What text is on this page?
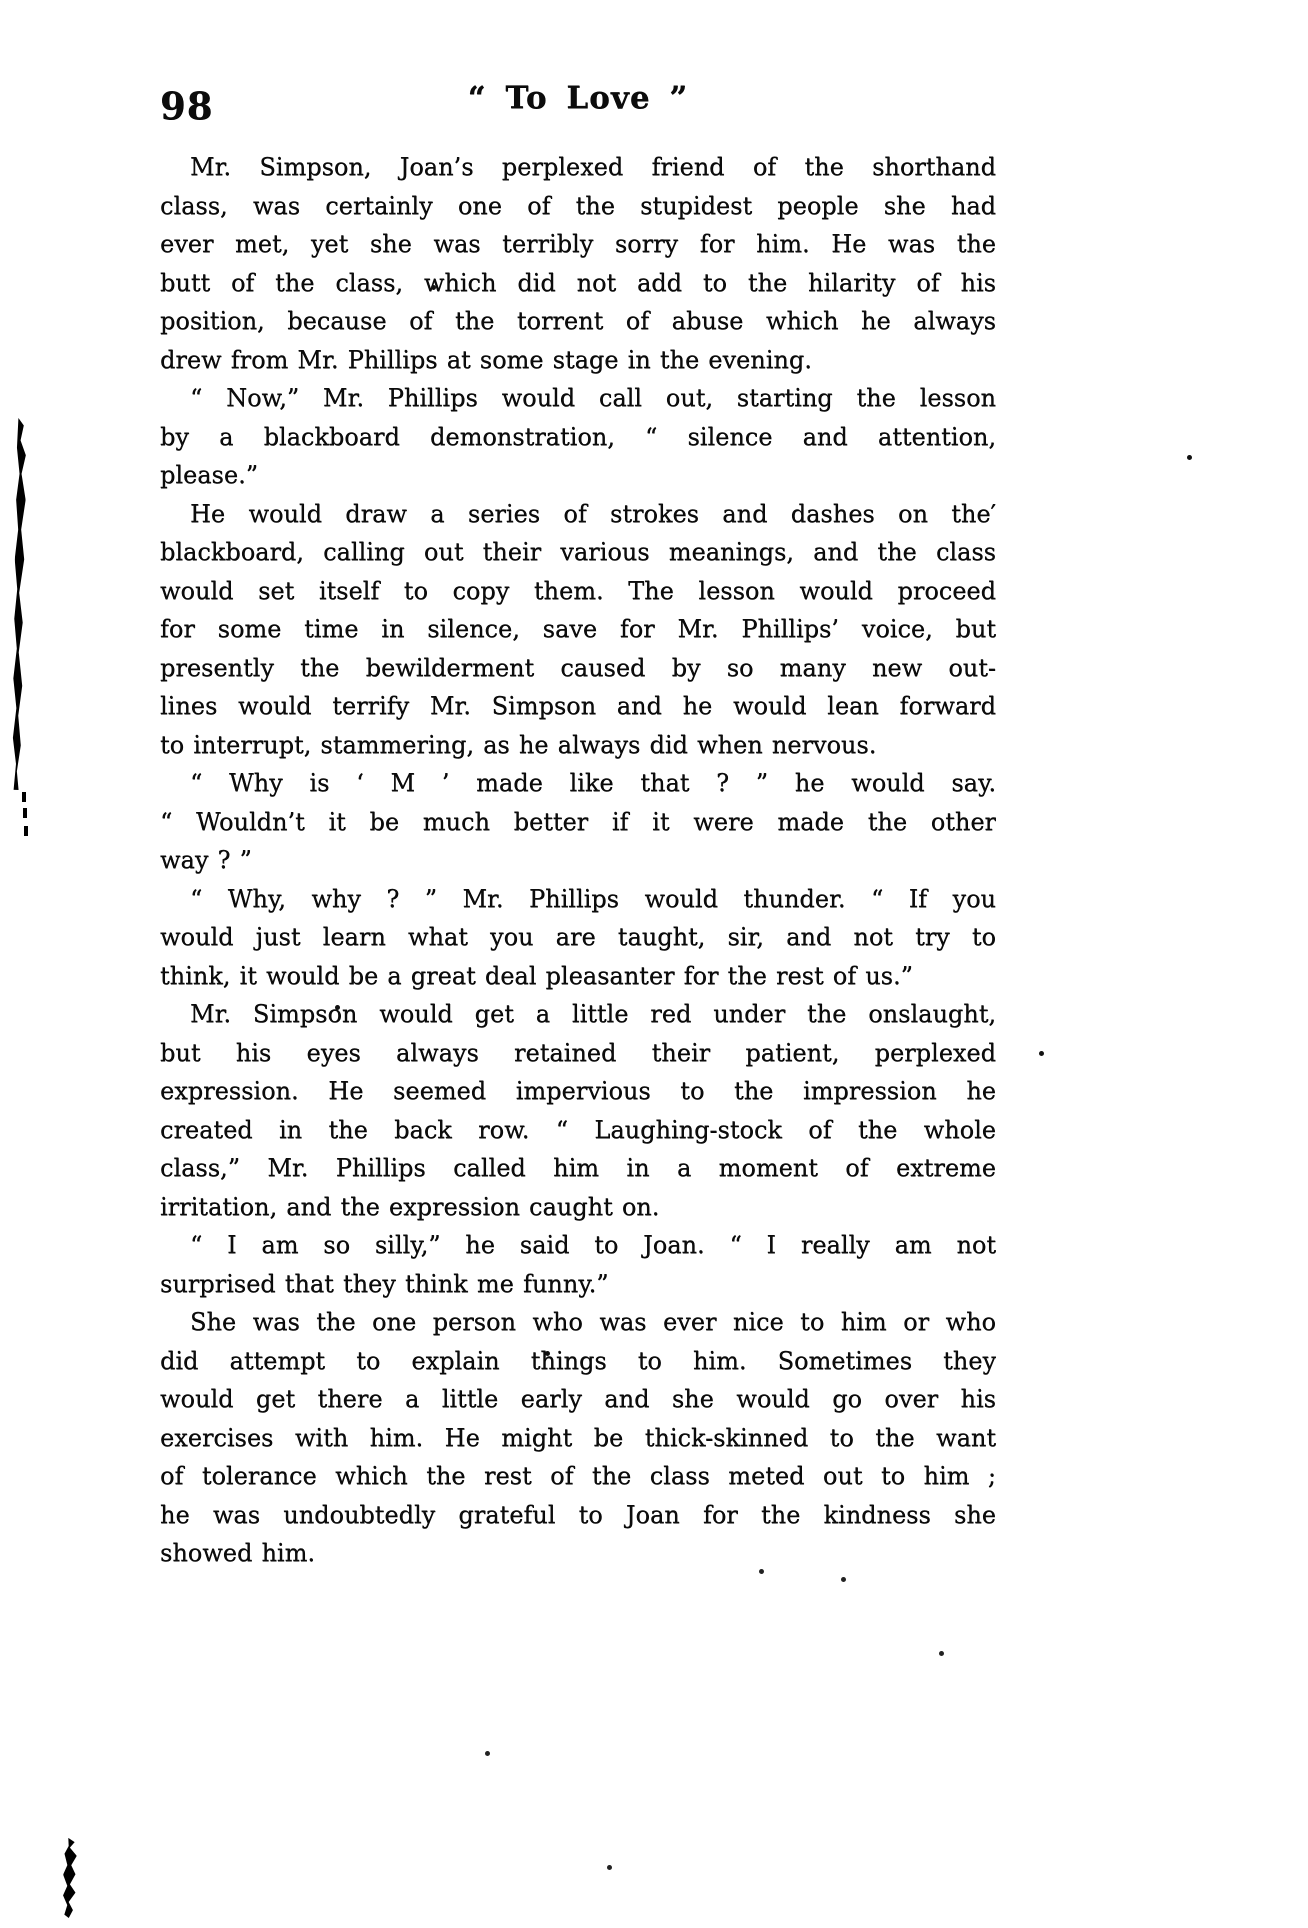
98	“ To Love ”
Mr. Simpson, Joan’s perplexed friend of the shorthand
class, was certainly one of the stupidest people she had
ever met, yet she was terribly sorry for him. He was the
butt of the class, which did not add to the hilarity of his
position, because of the torrent of abuse which he always
drew from Mr. Phillips at some stage in the evening.
“ Now,” Mr. Phillips would call out, starting the lesson
by a blackboard demonstration, “ silence and attention,
please.”
He would draw a series of strokes and dashes on the′
blackboard, calling out their various meanings, and the class
would set itself to copy them. The lesson would proceed
for some time in silence, save for Mr. Phillips’ voice, but
presently the bewilderment caused by so many new out-
lines would terrify Mr. Simpson and he would lean forward
to interrupt, stammering, as he always did when nervous.
“ Why is ‘ M ’ made like that ? ” he would say.
“ Wouldn’t it be much better if it were made the other
way ? ”
“ Why, why ? ” Mr. Phillips would thunder. “ If you
would just learn what you are taught, sir, and not try to
think, it would be a great deal pleasanter for the rest of us.”
Mr. Simpson would get a little red under the onslaught,
but his eyes always retained their patient, perplexed
expression. He seemed impervious to the impression he
created in the back row. “ Laughing-stock of the whole
class,” Mr. Phillips called him in a moment of extreme
irritation, and the expression caught on.
“ I am so silly,” he said to Joan. “ I really am not
surprised that they think me funny.”
She was the one person who was ever nice to him or who
did attempt to explain things to him. Sometimes they
would get there a little early and she would go over his
exercises with him. He might be thick-skinned to the want
of tolerance which the rest of the class meted out to him ;
he was undoubtedly grateful to Joan for the kindness she
showed him.
